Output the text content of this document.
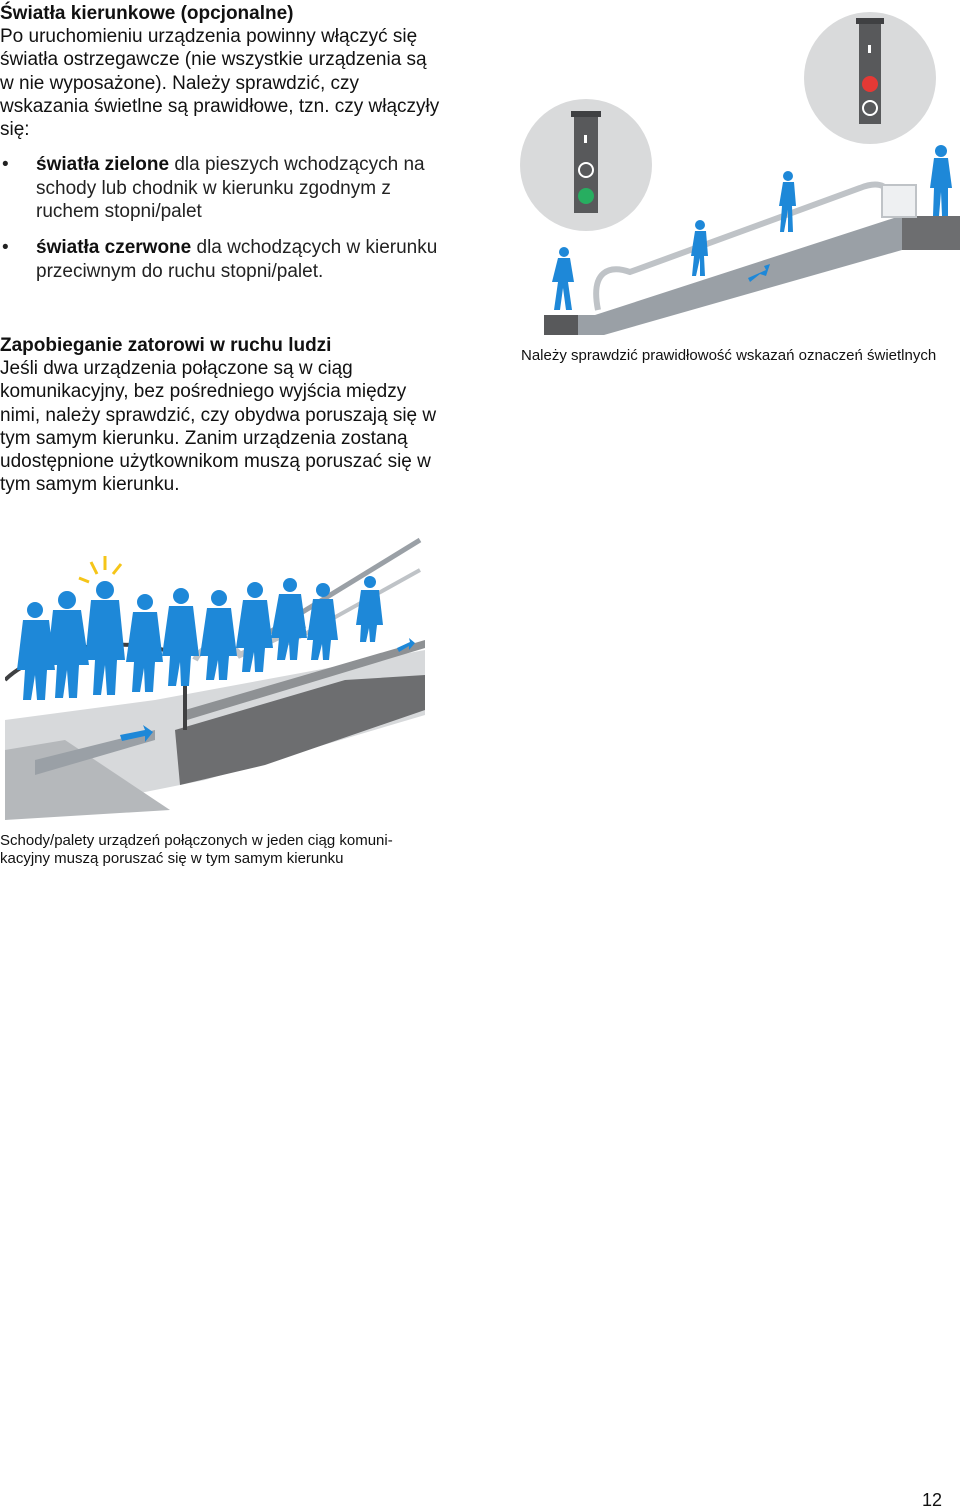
Światła kierunkowe (opcjonalne)

Po uruchomieniu urządzenia powinny włączyć się światła ostrzegawcze (nie wszystkie urządzenia są w nie wyposażone). Należy sprawdzić, czy wskazania świetlne są prawidłowe, tzn. czy włączyły się:

• światła zielone dla pieszych wchodzących na schody lub chodnik w kierunku zgodnym z ruchem stopni/palet
• światła czerwone dla wchodzących w kierunku przeciwnym do ruchu stopni/palet.

Zapobieganie zatorowi w ruchu ludzi

Jeśli dwa urządzenia połączone są w ciąg komunikacyjny, bez pośredniego wyjścia między nimi, należy sprawdzić, czy obydwa poruszają się w tym samym kierunku. Zanim urządzenia zostaną udostępnione użytkownikom muszą poruszać się w tym samym kierunku.

Należy sprawdzić prawidłowość wskazań oznaczeń świetlnych

Schody/palety urządzeń połączonych w jeden ciąg komuni-kacyjny muszą poruszać się w tym samym kierunku

12
